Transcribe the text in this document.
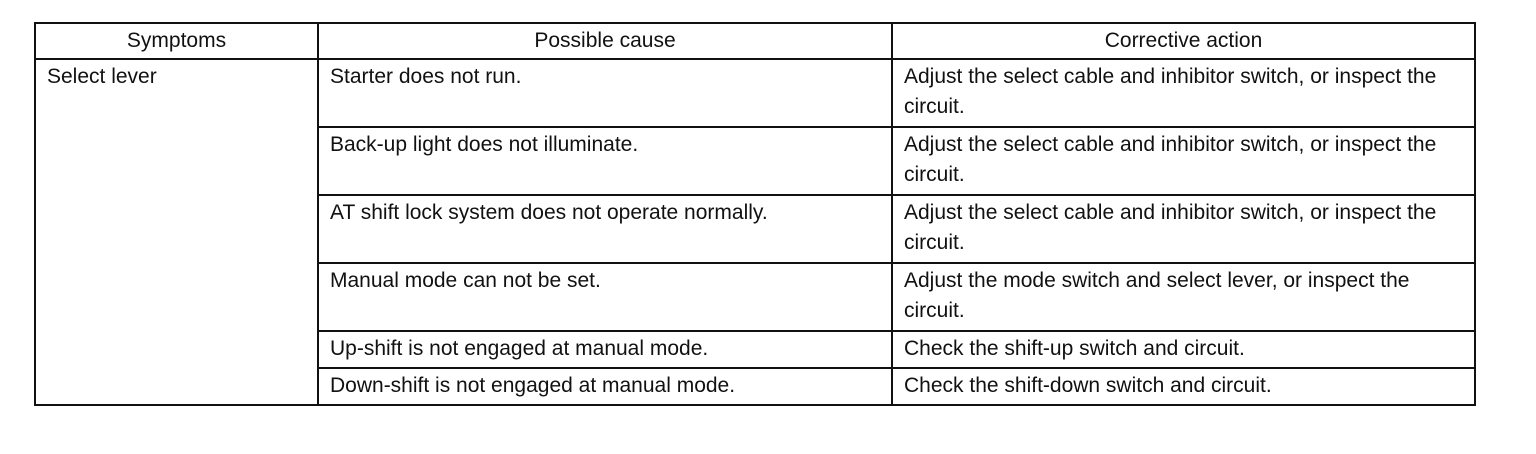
Symptoms	Possible cause	Corrective action
Select lever	Starter does not run.	Adjust the select cable and inhibitor switch, or inspect the circuit.
	Back-up light does not illuminate.	Adjust the select cable and inhibitor switch, or inspect the circuit.
	AT shift lock system does not operate normally.	Adjust the select cable and inhibitor switch, or inspect the circuit.
	Manual mode can not be set.	Adjust the mode switch and select lever, or inspect the circuit.
	Up-shift is not engaged at manual mode.	Check the shift-up switch and circuit.
	Down-shift is not engaged at manual mode.	Check the shift-down switch and circuit.
